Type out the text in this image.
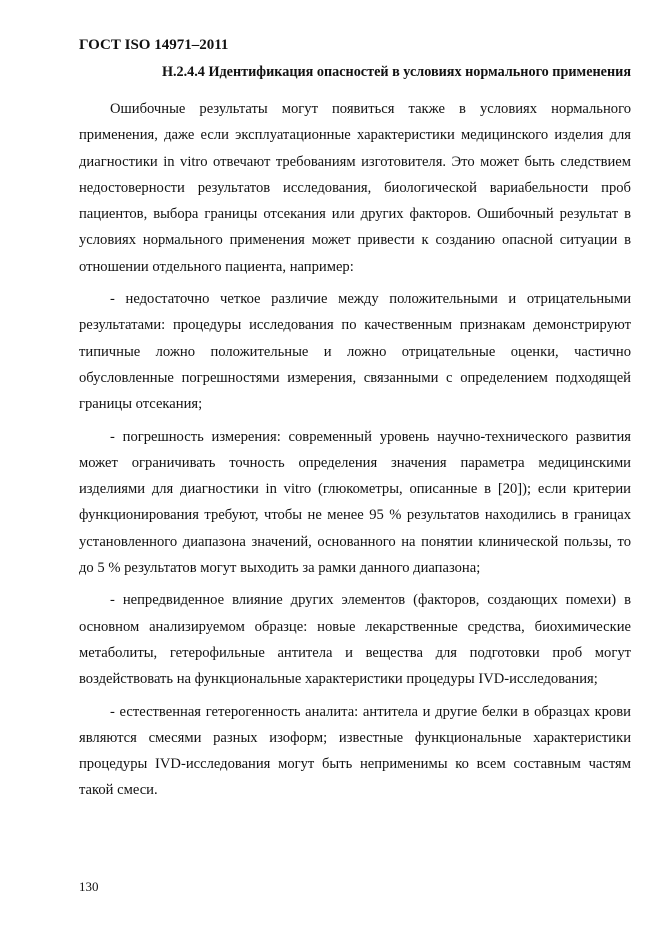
ГОСТ ISO 14971–2011
H.2.4.4 Идентификация опасностей в условиях нормального применения

Ошибочные результаты могут появиться также в условиях нормального применения, даже если эксплуатационные характеристики медицинского изделия для диагностики in vitro отвечают требованиям изготовителя. Это может быть следствием недостоверности результатов исследования, биологической вариабельности проб пациентов, выбора границы отсекания или других факторов. Ошибочный результат в условиях нормального применения может привести к созданию опасной ситуации в отношении отдельного пациента, например:

- недостаточно четкое различие между положительными и отрицательными результатами: процедуры исследования по качественным признакам демонстрируют типичные ложно положительные и ложно отрицательные оценки, частично обусловленные погрешностями измерения, связанными с определением подходящей границы отсекания;

- погрешность измерения: современный уровень научно-технического развития может ограничивать точность определения значения параметра медицинскими изделиями для диагностики in vitro (глюкометры, описанные в [20]); если критерии функционирования требуют, чтобы не менее 95 % результатов находились в границах установленного диапазона значений, основанного на понятии клинической пользы, то до 5 % результатов могут выходить за рамки данного диапазона;

- непредвиденное влияние других элементов (факторов, создающих помехи) в основном анализируемом образце: новые лекарственные средства, биохимические метаболиты, гетерофильные антитела и вещества для подготовки проб могут воздействовать на функциональные характеристики процедуры IVD-исследования;

- естественная гетерогенность аналита: антитела и другие белки в образцах крови являются смесями разных изоформ; известные функциональные характеристики процедуры IVD-исследования могут быть неприменимы ко всем составным частям такой смеси.

130
